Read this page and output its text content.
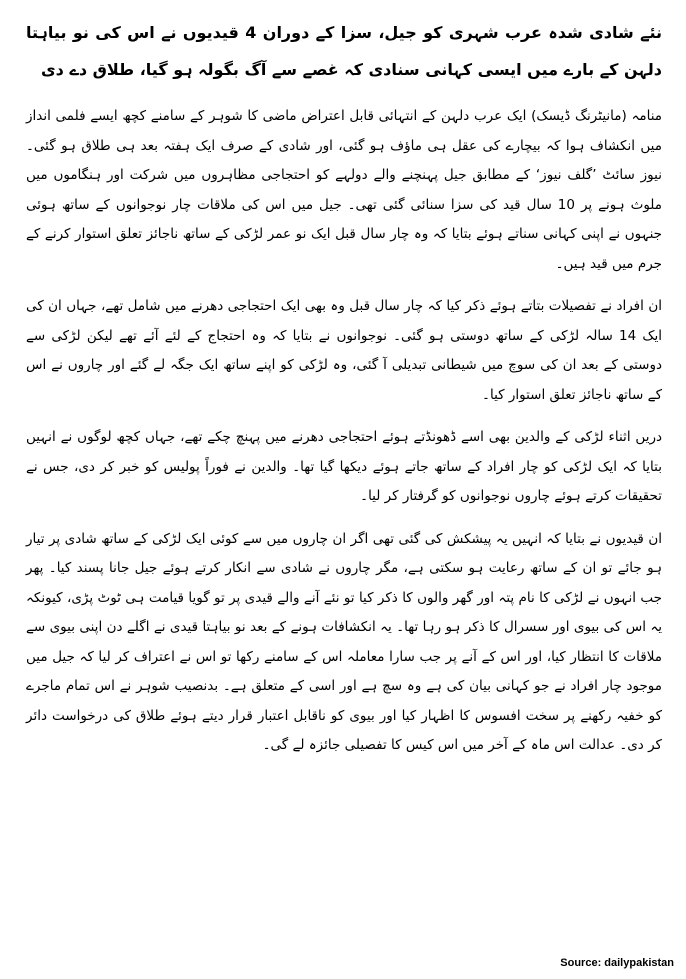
نئے شادی شدہ عرب شہری کو جیل، سزا کے دوران 4 قیدیوں نے اس کی نو بیاہتا دلہن کے بارے میں ایسی کہانی سنادی کہ غصے سے آگ بگولہ ہو گیا، طلاق دے دی

منامہ (مانیٹرنگ ڈیسک) ایک عرب دلہن کے انتہائی قابل اعتراض ماضی کا شوہر کے سامنے کچھ ایسے فلمی انداز میں انکشاف ہوا کہ بیچارے کی عقل ہی ماؤف ہو گئی، اور شادی کے صرف ایک ہفتہ بعد ہی طلاق ہو گئی۔ نیوز سائٹ ’گلف نیوز‘ کے مطابق جیل پہنچنے والے دولہے کو احتجاجی مظاہروں میں شرکت اور ہنگاموں میں ملوث ہونے پر 10 سال قید کی سزا سنائی گئی تھی۔ جیل میں اس کی ملاقات چار نوجوانوں کے ساتھ ہوئی جنہوں نے اپنی کہانی سناتے ہوئے بتایا کہ وہ چار سال قبل ایک نو عمر لڑکی کے ساتھ ناجائز تعلق استوار کرنے کے جرم میں قید ہیں۔

ان افراد نے تفصیلات بتاتے ہوئے ذکر کیا کہ چار سال قبل وہ بھی ایک احتجاجی دھرنے میں شامل تھے، جہاں ان کی ایک 14 سالہ لڑکی کے ساتھ دوستی ہو گئی۔ نوجوانوں نے بتایا کہ وہ احتجاج کے لئے آئے تھے لیکن لڑکی سے دوستی کے بعد ان کی سوچ میں شیطانی تبدیلی آ گئی، وہ لڑکی کو اپنے ساتھ ایک جگہ لے گئے اور چاروں نے اس کے ساتھ ناجائز تعلق استوار کیا۔

دریں اثناء لڑکی کے والدین بھی اسے ڈھونڈتے ہوئے احتجاجی دھرنے میں پہنچ چکے تھے، جہاں کچھ لوگوں نے انہیں بتایا کہ ایک لڑکی کو چار افراد کے ساتھ جاتے ہوئے دیکھا گیا تھا۔ والدین نے فوراً پولیس کو خبر کر دی، جس نے تحقیقات کرتے ہوئے چاروں نوجوانوں کو گرفتار کر لیا۔

ان قیدیوں نے بتایا کہ انہیں یہ پیشکش کی گئی تھی اگر ان چاروں میں سے کوئی ایک لڑکی کے ساتھ شادی پر تیار ہو جائے تو ان کے ساتھ رعایت ہو سکتی ہے، مگر چاروں نے شادی سے انکار کرتے ہوئے جیل جانا پسند کیا۔ پھر جب انہوں نے لڑکی کا نام پتہ اور گھر والوں کا ذکر کیا تو نئے آنے والے قیدی پر تو گویا قیامت ہی ٹوٹ پڑی، کیونکہ یہ اس کی بیوی اور سسرال کا ذکر ہو رہا تھا۔ یہ انکشافات ہونے کے بعد نو بیاہتا قیدی نے اگلے دن اپنی بیوی سے ملاقات کا انتظار کیا، اور اس کے آنے پر جب سارا معاملہ اس کے سامنے رکھا تو اس نے اعتراف کر لیا کہ جیل میں موجود چار افراد نے جو کہانی بیان کی ہے وہ سچ ہے اور اسی کے متعلق ہے۔ بدنصیب شوہر نے اس تمام ماجرے کو خفیہ رکھنے پر سخت افسوس کا اظہار کیا اور بیوی کو ناقابل اعتبار قرار دیتے ہوئے طلاق کی درخواست دائر کر دی۔ عدالت اس ماہ کے آخر میں اس کیس کا تفصیلی جائزہ لے گی۔

Source: dailypakistan
